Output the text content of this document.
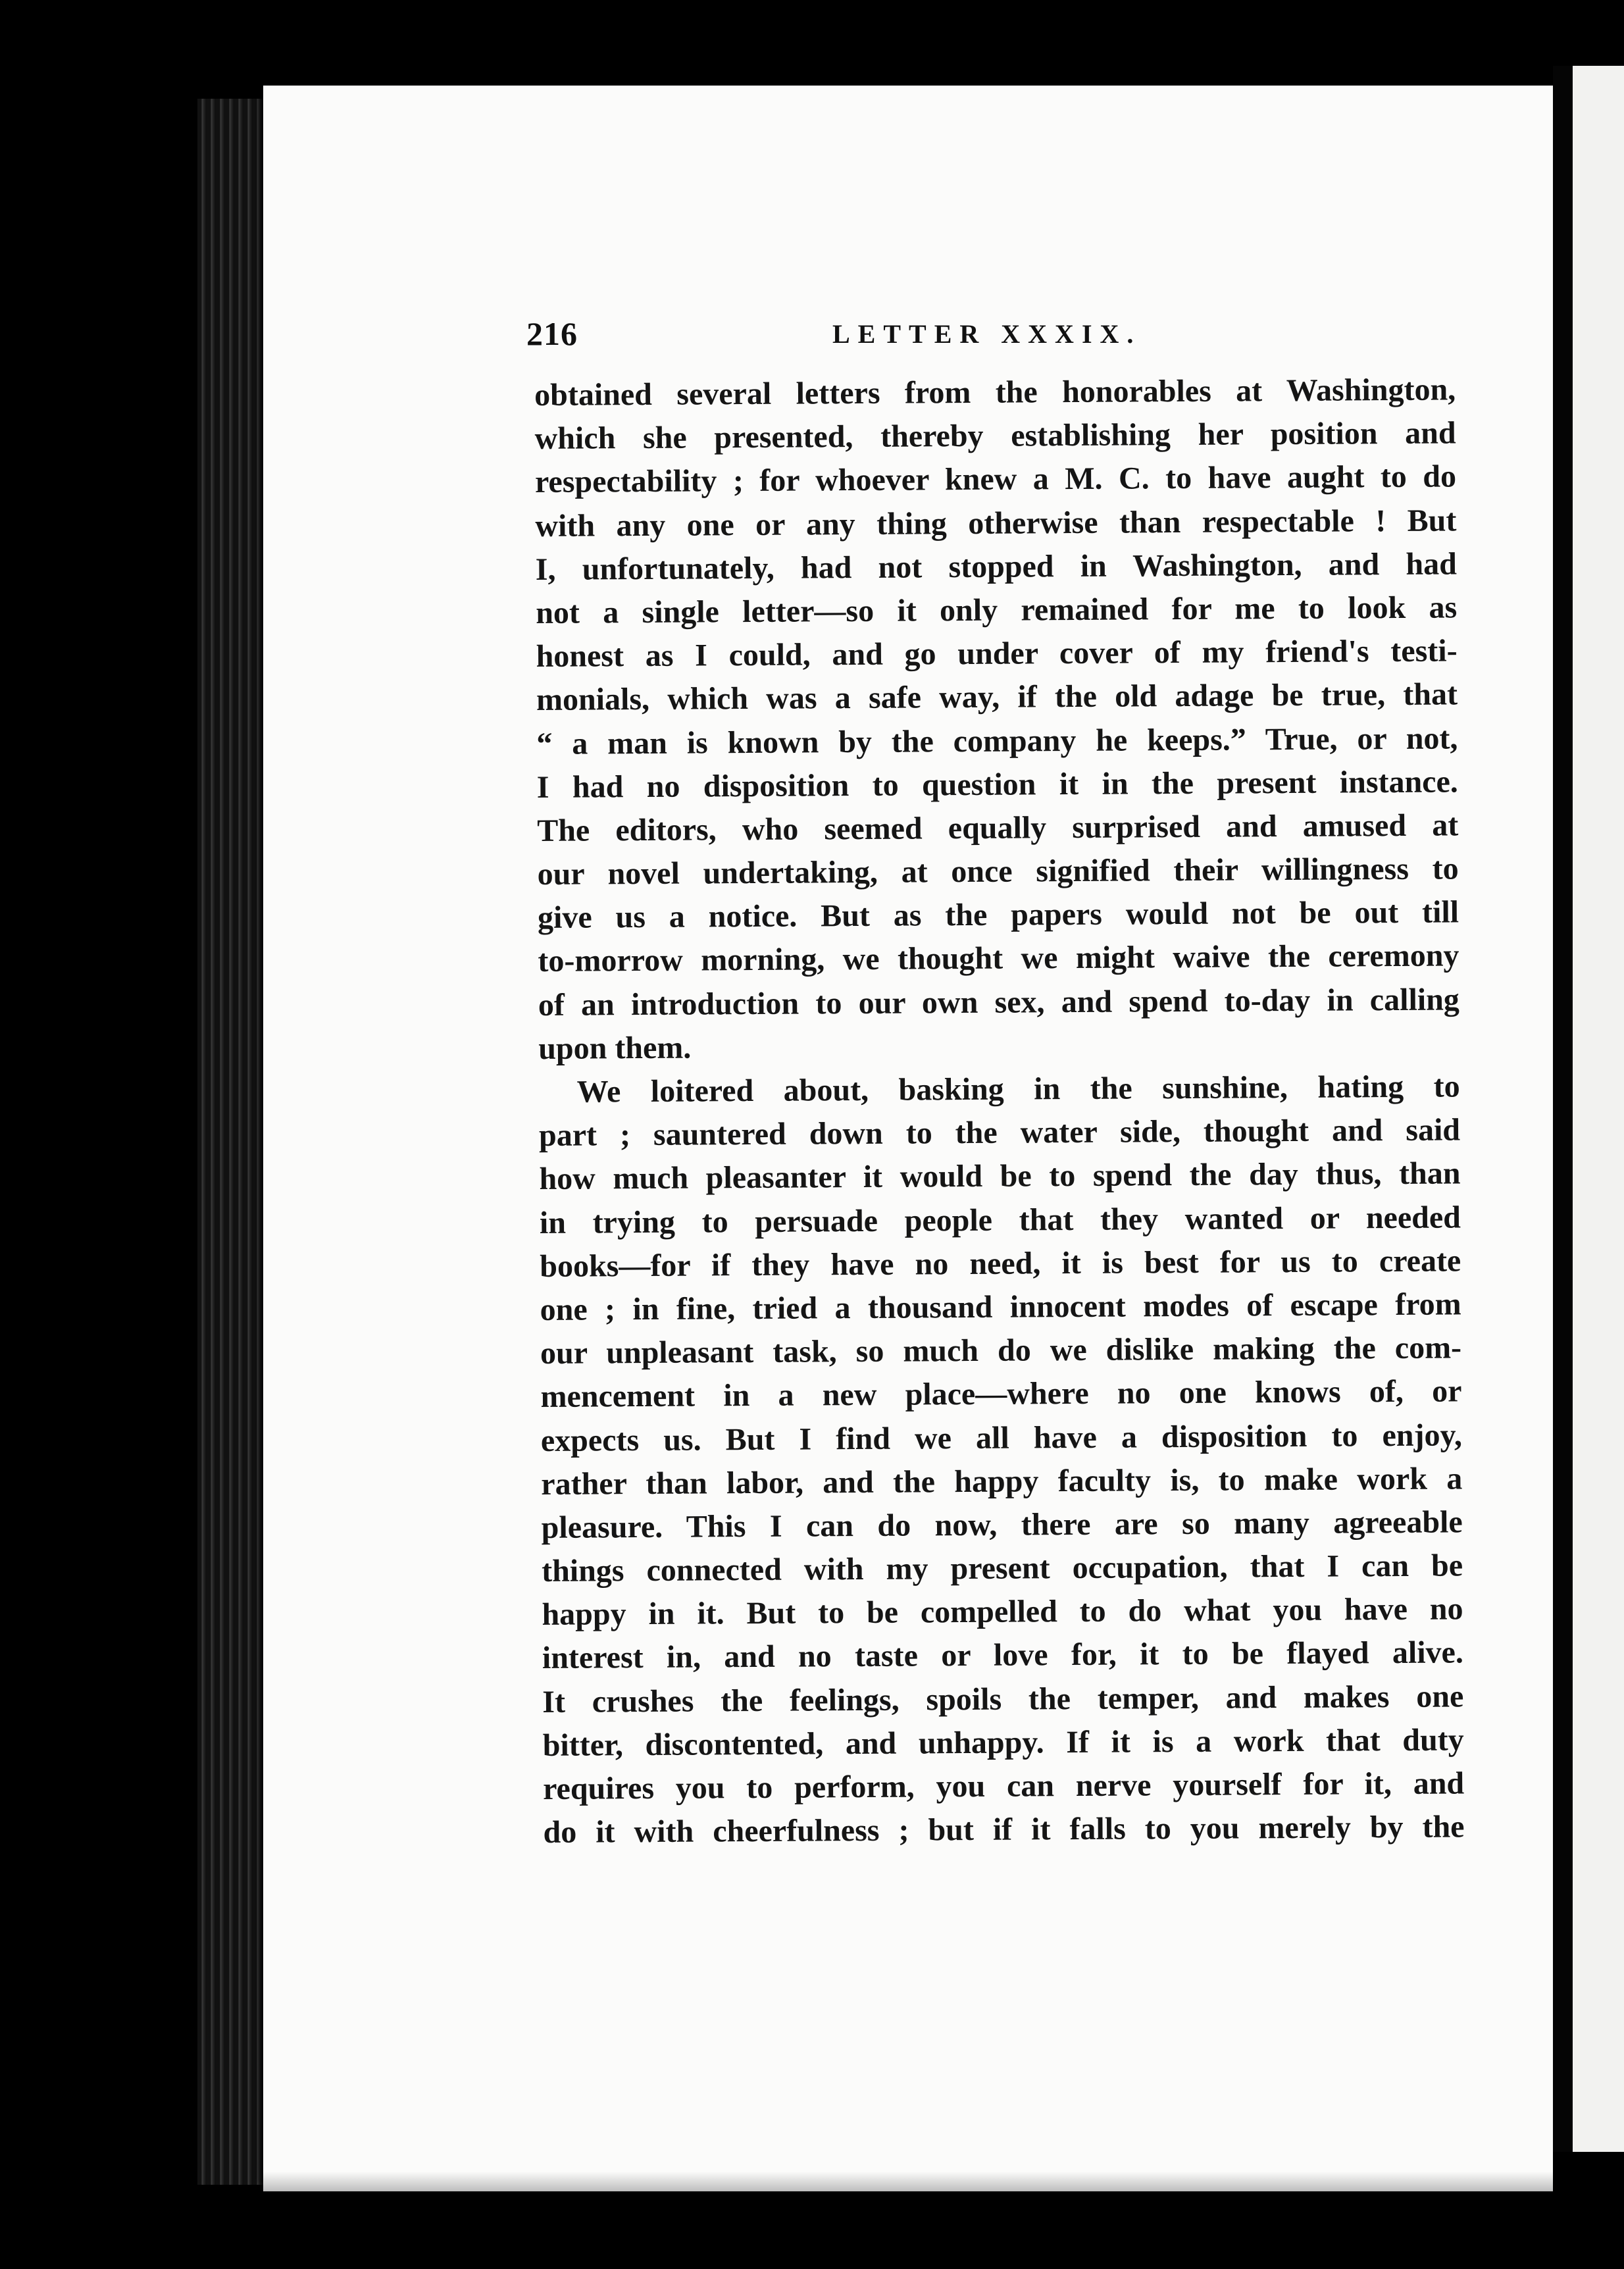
216	LETTER XXXIX.
obtained several letters from the honorables at Washington,
which she presented, thereby establishing her position and
respectability ; for whoever knew a M. C. to have aught to do
with any one or any thing otherwise than respectable ! But
I, unfortunately, had not stopped in Washington, and had
not a single letter—so it only remained for me to look as
honest as I could, and go under cover of my friend's testi-
monials, which was a safe way, if the old adage be true, that
“ a man is known by the company he keeps.” True, or not,
I had no disposition to question it in the present instance.
The editors, who seemed equally surprised and amused at
our novel undertaking, at once signified their willingness to
give us a notice. But as the papers would not be out till
to-morrow morning, we thought we might waive the ceremony
of an introduction to our own sex, and spend to-day in calling
upon them.
We loitered about, basking in the sunshine, hating to
part ; sauntered down to the water side, thought and said
how much pleasanter it would be to spend the day thus, than
in trying to persuade people that they wanted or needed
books—for if they have no need, it is best for us to create
one ; in fine, tried a thousand innocent modes of escape from
our unpleasant task, so much do we dislike making the com-
mencement in a new place—where no one knows of, or
expects us. But I find we all have a disposition to enjoy,
rather than labor, and the happy faculty is, to make work a
pleasure. This I can do now, there are so many agreeable
things connected with my present occupation, that I can be
happy in it. But to be compelled to do what you have no
interest in, and no taste or love for, it to be flayed alive.
It crushes the feelings, spoils the temper, and makes one
bitter, discontented, and unhappy. If it is a work that duty
requires you to perform, you can nerve yourself for it, and
do it with cheerfulness ; but if it falls to you merely by the
